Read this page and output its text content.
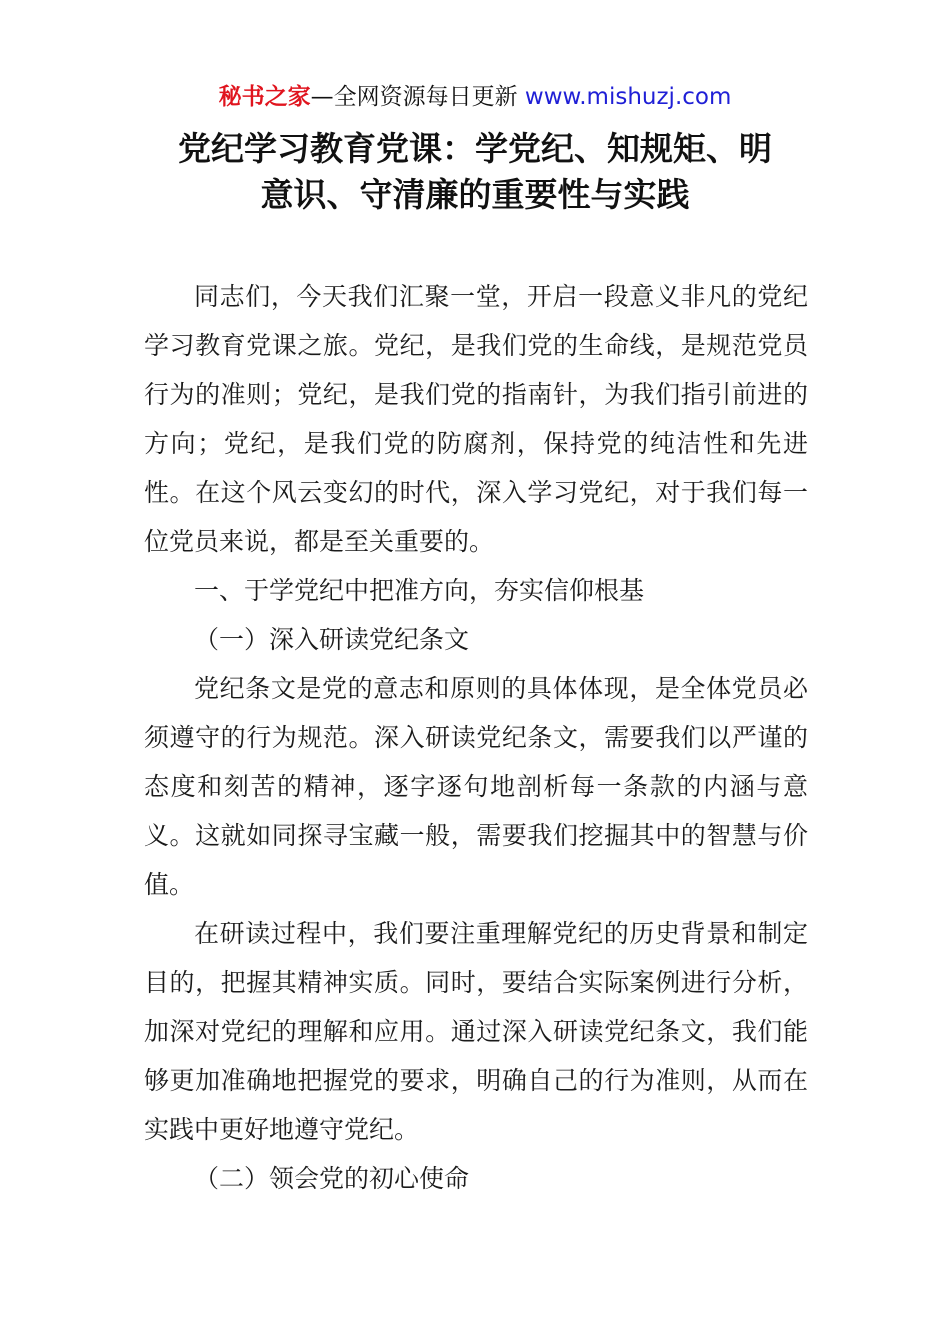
秘书之家—全网资源每日更新 www.mishuzj.com
党纪学习教育党课：学党纪、知规矩、明
意识、守清廉的重要性与实践

同志们，今天我们汇聚一堂，开启一段意义非凡的党纪学习教育党课之旅。党纪，是我们党的生命线，是规范党员行为的准则；党纪，是我们党的指南针，为我们指引前进的方向；党纪，是我们党的防腐剂，保持党的纯洁性和先进性。在这个风云变幻的时代，深入学习党纪，对于我们每一位党员来说，都是至关重要的。

一、于学党纪中把准方向，夯实信仰根基

（一）深入研读党纪条文

党纪条文是党的意志和原则的具体体现，是全体党员必须遵守的行为规范。深入研读党纪条文，需要我们以严谨的态度和刻苦的精神，逐字逐句地剖析每一条款的内涵与意义。这就如同探寻宝藏一般，需要我们挖掘其中的智慧与价值。

在研读过程中，我们要注重理解党纪的历史背景和制定目的，把握其精神实质。同时，要结合实际案例进行分析，加深对党纪的理解和应用。通过深入研读党纪条文，我们能够更加准确地把握党的要求，明确自己的行为准则，从而在实践中更好地遵守党纪。

（二）领会党的初心使命
